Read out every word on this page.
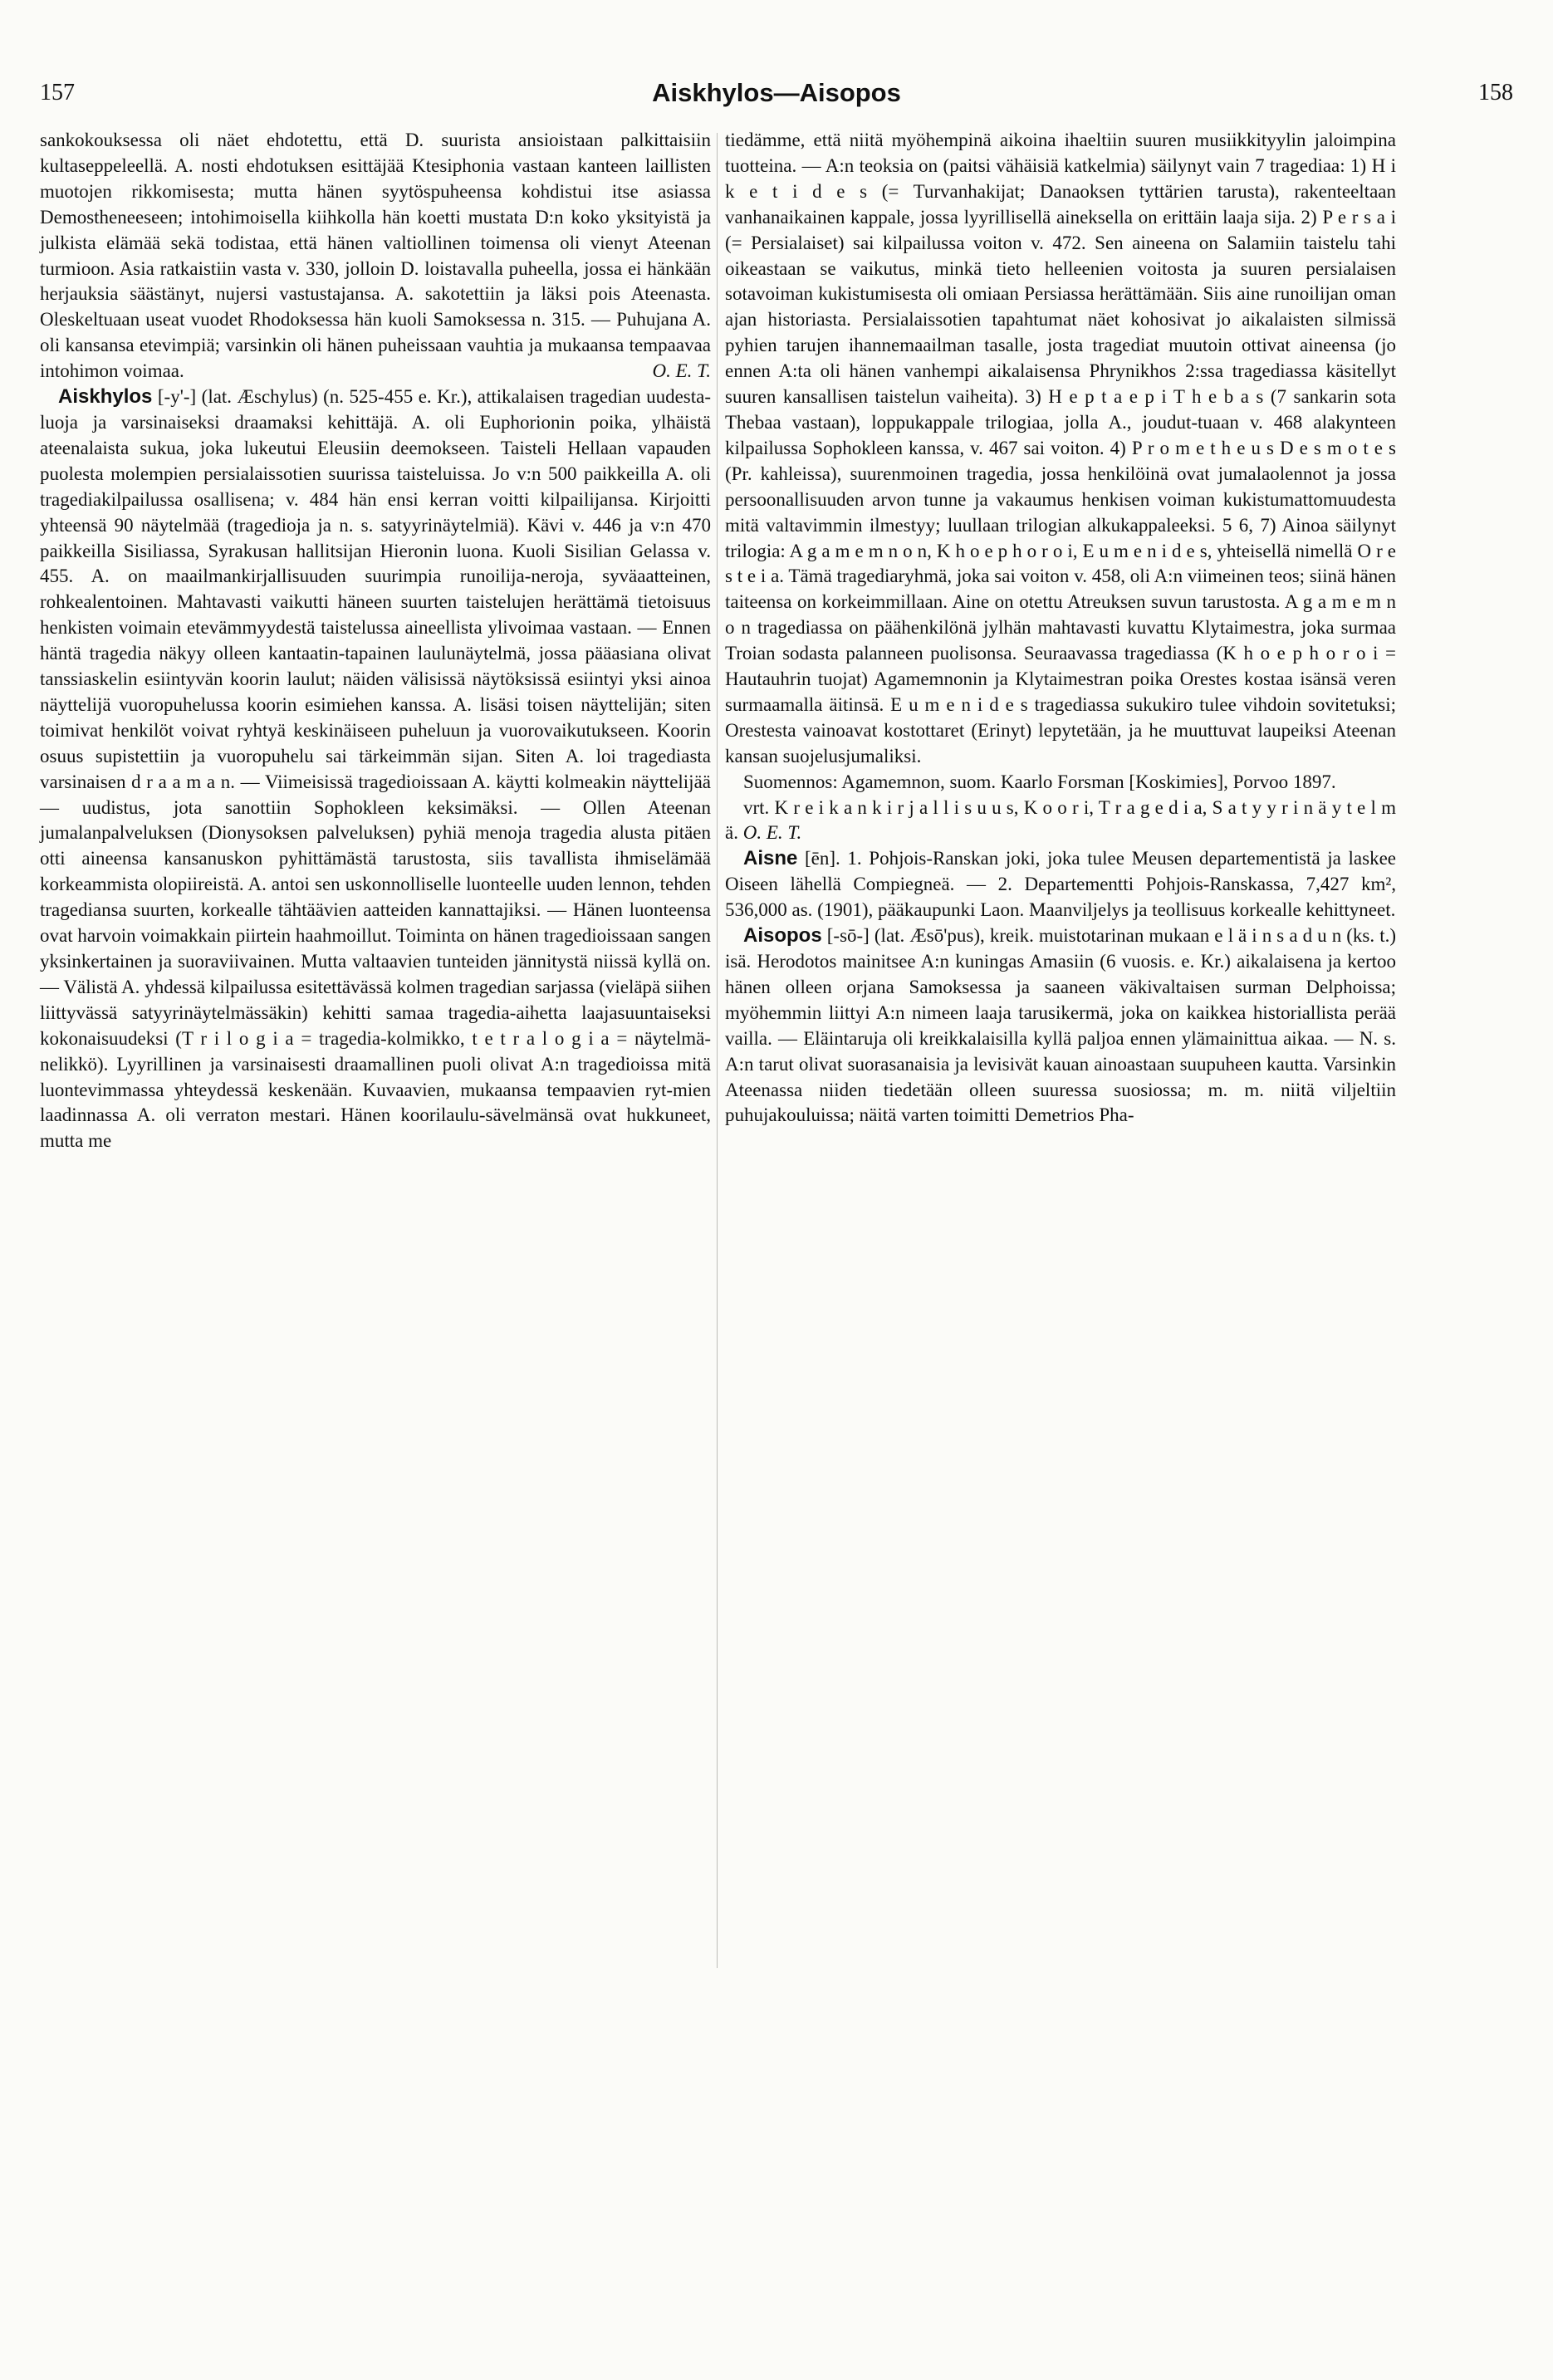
157	Aiskhylos—Aisopos	158

sankokouksessa oli näet ehdotettu, että D. suurista ansioistaan palkittaisiin kultaseppeleellä. A. nosti ehdotuksen esittäjää Ktesiphonia vastaan kanteen laillisten muotojen rikkomisesta; mutta hänen syytöspuheensa kohdistui itse asiassa Demostheneeseen; intohimoisella kiihkolla hän koetti mustata D:n koko yksityistä ja julkista elämää sekä todistaa, että hänen valtiollinen toimensa oli vienyt Ateenan turmioon. Asia ratkaistiin vasta v. 330, jolloin D. loistavalla puheella, jossa ei hänkään herjauksia säästänyt, nujersi vastustajansa. A. sakotettiin ja läksi pois Ateenasta. Oleskeltuaan useat vuodet Rhodoksessa hän kuoli Samoksessa n. 315. — Puhujana A. oli kansansa etevimpiä; varsinkin oli hänen puheissaan vauhtia ja mukaansa tempaavaa intohimon voimaa.	O. E. T.

Aiskhylos [-y'-] (lat. Æschylus) (n. 525-455 e. Kr.), attikalaisen tragedian uudesta-luoja ja varsinaiseksi draamaksi kehittäjä. A. oli Euphorionin poika, ylhäistä ateenalaista sukua, joka lukeutui Eleusiin deemokseen. Taisteli Hellaan vapauden puolesta molempien persialaissotien suurissa taisteluissa. Jo v:n 500 paikkeilla A. oli tragediakilpailussa osallisena; v. 484 hän ensi kerran voitti kilpailijansa. Kirjoitti yhteensä 90 näytelmää (tragedioja ja n. s. satyyrinäytelmiä). Kävi v. 446 ja v:n 470 paikkeilla Sisiliassa, Syrakusan hallitsijan Hieronin luona. Kuoli Sisilian Gelassa v. 455. A. on maailmankirjallisuuden suurimpia runoilija-neroja, syväaatteinen, rohkealentoinen. Mahtavasti vaikutti häneen suurten taistelujen herättämä tietoisuus henkisten voimain etevämmyydestä taistelussa aineellista ylivoimaa vastaan. — Ennen häntä tragedia näkyy olleen kantaatin-tapainen laulunäytelmä, jossa pääasiana olivat tanssiaskelin esiintyvän koorin laulut; näiden välisissä näytöksissä esiintyi yksi ainoa näyttelijä vuoropuhelussa koorin esimiehen kanssa. A. lisäsi toisen näyttelijän; siten toimivat henkilöt voivat ryhtyä keskinäiseen puheluun ja vuorovaikutukseen. Koorin osuus supistettiin ja vuoropuhelu sai tärkeimmän sijan. Siten A. loi tragediasta varsinaisen d r a a m a n. — Viimeisissä tragedioissaan A. käytti kolmeakin näyttelijää — uudistus, jota sanottiin Sophokleen keksimäksi. — Ollen Ateenan jumalanpalveluksen (Dionysoksen palveluksen) pyhiä menoja tragedia alusta pitäen otti aineensa kansanuskon pyhittämästä tarustosta, siis tavallista ihmiselämää korkeammista olopiireistä. A. antoi sen uskonnolliselle luonteelle uuden lennon, tehden tragediansa suurten, korkealle tähtäävien aatteiden kannattajiksi. — Hänen luonteensa ovat harvoin voimakkain piirtein haahmoillut. Toiminta on hänen tragedioissaan sangen yksinkertainen ja suoraviivainen. Mutta valtaavien tunteiden jännitystä niissä kyllä on. — Välistä A. yhdessä kilpailussa esitettävässä kolmen tragedian sarjassa (vieläpä siihen liittyvässä satyyrinäytelmässäkin) kehitti samaa tragedia-aihetta laajasuuntaiseksi kokonaisuudeksi (T r i l o g i a = tragedia-kolmikko, t e t r a l o g i a = näytelmä-nelikkö). Lyyrillinen ja varsinaisesti draamallinen puoli olivat A:n tragedioissa mitä luontevimmassa yhteydessä keskenään. Kuvaavien, mukaansa tempaavien ryt-mien laadinnassa A. oli verraton mestari. Hänen koorilaulu-sävelmänsä ovat hukkuneet, mutta me

tiedämme, että niitä myöhempinä aikoina ihaeltiin suuren musiikkityylin jaloimpina tuotteina. — A:n teoksia on (paitsi vähäisiä katkelmia) säilynyt vain 7 tragediaa: 1) H i k e t i d e s (= Turvanhakijat; Danaoksen tyttärien tarusta), rakenteeltaan vanhanaikainen kappale, jossa lyyrillisellä aineksella on erittäin laaja sija. 2) P e r s a i (= Persialaiset) sai kilpailussa voiton v. 472. Sen aineena on Salamiin taistelu tahi oikeastaan se vaikutus, minkä tieto helleenien voitosta ja suuren persialaisen sotavoiman kukistumisesta oli omiaan Persiassa herättämään. Siis aine runoilijan oman ajan historiasta. Persialaissotien tapahtumat näet kohosivat jo aikalaisten silmissä pyhien tarujen ihannemaailman tasalle, josta tragediat muutoin ottivat aineensa (jo ennen A:ta oli hänen vanhempi aikalaisensa Phrynikhos 2:ssa tragediassa käsitellyt suuren kansallisen taistelun vaiheita). 3) H e p t a e p i T h e b a s (7 sankarin sota Thebaa vastaan), loppukappale trilogiaa, jolla A., joudut-tuaan v. 468 alakynteen kilpailussa Sophokleen kanssa, v. 467 sai voiton. 4) P r o m e t h e u s D e s m o t e s (Pr. kahleissa), suurenmoinen tragedia, jossa henkilöinä ovat jumalaolennot ja jossa persoonallisuuden arvon tunne ja vakaumus henkisen voiman kukistumattomuudesta mitä valtavimmin ilmestyy; luullaan trilogian alkukappaleeksi. 5 6, 7) Ainoa säilynyt trilogia: A g a m e m n o n, K h o e p h o r o i, E u m e n i d e s, yhteisellä nimellä O r e s t e i a. Tämä tragediaryhmä, joka sai voiton v. 458, oli A:n viimeinen teos; siinä hänen taiteensa on korkeimmillaan. Aine on otettu Atreuksen suvun tarustosta. A g a m e m n o n tragediassa on päähenkilönä jylhän mahtavasti kuvattu Klytaimestra, joka surmaa Troian sodasta palanneen puolisonsa. Seuraavassa tragediassa (K h o e p h o r o i = Hautauhrin tuojat) Agamemnonin ja Klytaimestran poika Orestes kostaa isänsä veren surmaamalla äitinsä. E u m e n i d e s tragediassa sukukiro tulee vihdoin sovitetuksi; Orestesta vainoavat kostottaret (Erinyt) lepytetään, ja he muuttuvat laupeiksi Ateenan kansan suojelusjumaliksi.

Suomennos: Agamemnon, suom. Kaarlo Forsman [Koskimies], Porvoo 1897.

vrt. K r e i k a n k i r j a l l i s u u s, K o o r i, T r a g e d i a, S a t y y r i n ä y t e l m ä. O. E. T.

Aisne [ēn]. 1. Pohjois-Ranskan joki, joka tulee Meusen departementistä ja laskee Oiseen lähellä Compiegneä. — 2. Departementti Pohjois-Ranskassa, 7,427 km², 536,000 as. (1901), pääkaupunki Laon. Maanviljelys ja teollisuus korkealle kehittyneet.

Aisopos [-sō-] (lat. Æsō'pus), kreik. muistotarinan mukaan e l ä i n s a d u n (ks. t.) isä. Herodotos mainitsee A:n kuningas Amasiin (6 vuosis. e. Kr.) aikalaisena ja kertoo hänen olleen orjana Samoksessa ja saaneen väkivaltaisen surman Delphoissa; myöhemmin liittyi A:n nimeen laaja tarusikermä, joka on kaikkea historiallista perää vailla. — Eläintaruja oli kreikkalaisilla kyllä paljoa ennen ylämainittua aikaa. — N. s. A:n tarut olivat suorasanaisia ja levisivät kauan ainoastaan suupuheen kautta. Varsinkin Ateenassa niiden tiedetään olleen suuressa suosiossa; m. m. niitä viljeltiin puhujakouluissa; näitä varten toimitti Demetrios Pha-
